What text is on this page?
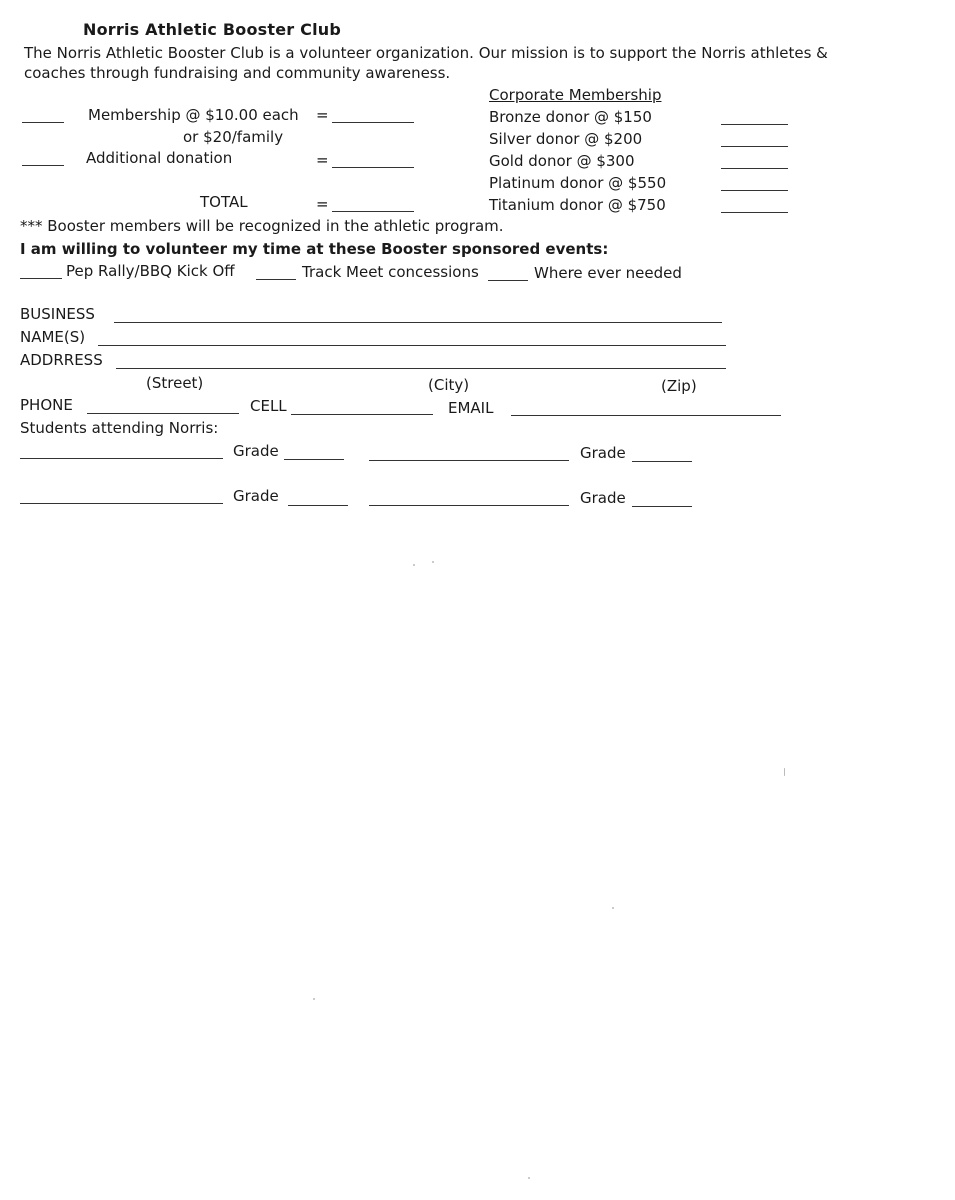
Norris Athletic Booster Club
The Norris Athletic Booster Club is a volunteer organization. Our mission is to support the Norris athletes &
coaches through fundraising and community awareness.
Membership @ $10.00 each =
or $20/family
Additional donation	=
TOTAL	=
Corporate Membership
Bronze donor @ $150
Silver donor @ $200
Gold donor @ $300
Platinum donor @ $550
Titanium donor @ $750
*** Booster members will be recognized in the athletic program.
I am willing to volunteer my time at these Booster sponsored events:
Pep Rally/BBQ Kick Off	Track Meet concessions	Where ever needed
BUSINESS
NAME(S)
ADDRRESS
(Street)	(City)	(Zip)
PHONE	CELL	EMAIL
Students attending Norris:
Grade	Grade
Grade	Grade
